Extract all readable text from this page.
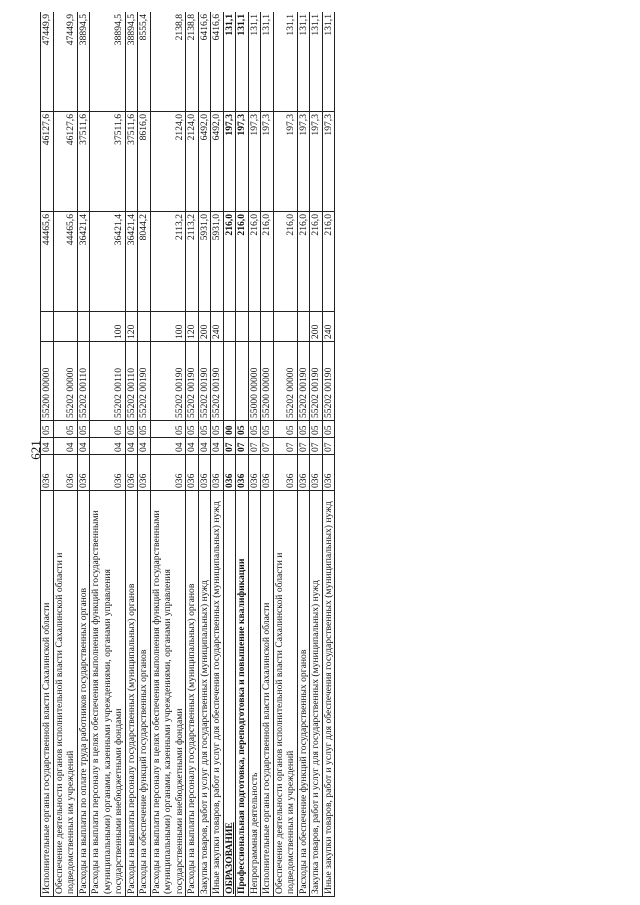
621
Исполнительные органы государственной власти Сахалинской области	036	04	05	55200 00000		44465,6	46127,6	47449,9
Обеспечение деятельности органов исполнительной власти Сахалинской области и подведомственных им учреждений	036	04	05	55202 00000		44465,6	46127,6	47449,9
Расходы на выплаты по оплате труда работников государственных органов	036	04	05	55202 00110		36421,4	37511,6	38894,5
Расходы на выплаты персоналу в целях обеспечения выполнения функций государственными (муниципальными) органами, казенными учреждениями, органами управления государственными внебюджетными фондами	036	04	05	55202 00110	100	36421,4	37511,6	38894,5
Расходы на выплаты персоналу государственных (муниципальных) органов	036	04	05	55202 00110	120	36421,4	37511,6	38894,5
Расходы на обеспечение функций государственных органов	036	04	05	55202 00190		8044,2	8616,0	8555,4
Расходы на выплаты персоналу в целях обеспечения выполнения функций государственными (муниципальными) органами, казенными учреждениями, органами управления государственными внебюджетными фондами	036	04	05	55202 00190	100	2113,2	2124,0	2138,8
Расходы на выплаты персоналу государственных (муниципальных) органов	036	04	05	55202 00190	120	2113,2	2124,0	2138,8
Закупка товаров, работ и услуг для государственных (муниципальных) нужд	036	04	05	55202 00190	200	5931,0	6492,0	6416,6
Иные закупки товаров, работ и услуг для обеспечения государственных (муниципальных) нужд	036	04	05	55202 00190	240	5931,0	6492,0	6416,6
ОБРАЗОВАНИЕ	036	07	00			216,0	197,3	131,1
Профессиональная подготовка, переподготовка и повышение квалификации	036	07	05			216,0	197,3	131,1
Непрограммная деятельность	036	07	05	55000 00000		216,0	197,3	131,1
Исполнительные органы государственной власти Сахалинской области	036	07	05	55200 00000		216,0	197,3	131,1
Обеспечение деятельности органов исполнительной власти Сахалинской области и подведомственных им учреждений	036	07	05	55202 00000		216,0	197,3	131,1
Расходы на обеспечение функций государственных органов	036	07	05	55202 00190		216,0	197,3	131,1
Закупка товаров, работ и услуг для государственных (муниципальных) нужд	036	07	05	55202 00190	200	216,0	197,3	131,1
Иные закупки товаров, работ и услуг для обеспечения государственных (муниципальных) нужд	036	07	05	55202 00190	240	216,0	197,3	131,1
